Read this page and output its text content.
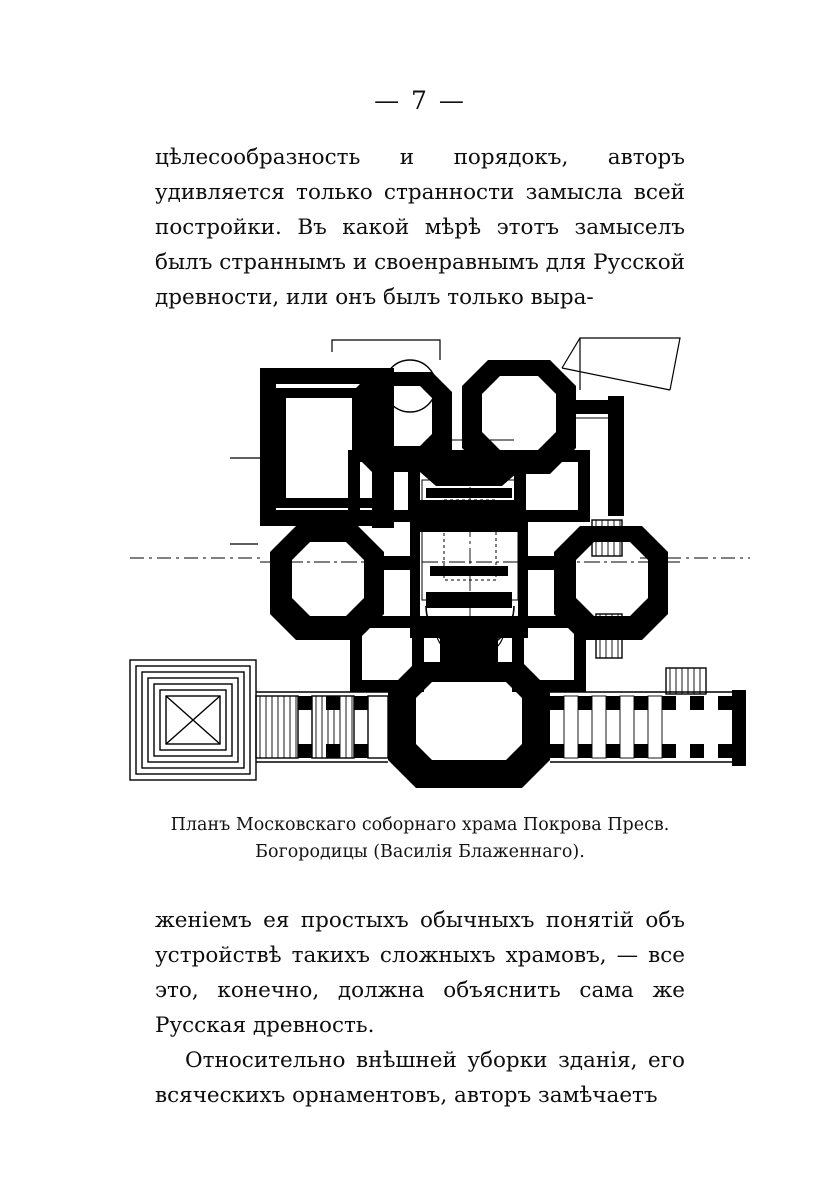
— 7 —
цѣлесообразность и порядокъ, авторъ удивляется только странности замысла всей постройки. Въ какой мѣрѣ этотъ замыселъ былъ страннымъ и своенравнымъ для Русской древности, или онъ былъ только выра-
ПРИДѢЛЪ
Планъ Московскаго соборнаго храма Покрова Пресв.
Богородицы (Василія Блаженнаго).
женіемъ ея простыхъ обычныхъ понятій объ устройствѣ такихъ сложныхъ храмовъ, — все это, конечно, должна объяснить сама же Русская древность.
Относительно внѣшней уборки зданія, его всяческихъ орнаментовъ, авторъ замѣчаетъ
